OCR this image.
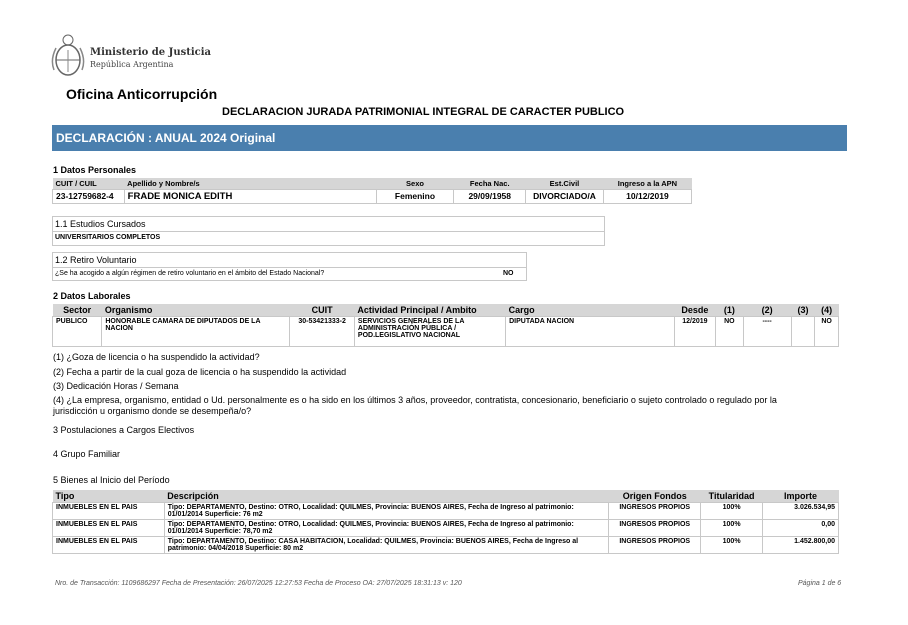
Ministerio de Justicia
República Argentina
Oficina Anticorrupción
DECLARACION JURADA PATRIMONIAL INTEGRAL DE CARACTER PUBLICO
DECLARACIÓN : ANUAL 2024 Original
1 Datos Personales
CUIT / CUIL	Apellido y Nombre/s	Sexo	Fecha Nac.	Est.Civil	Ingreso a la APN
23-12759682-4	FRADE MONICA EDITH	Femenino	29/09/1958	DIVORCIADO/A	10/12/2019
1.1 Estudios Cursados
UNIVERSITARIOS COMPLETOS
1.2 Retiro Voluntario
¿Se ha acogido a algún régimen de retiro voluntario en el ámbito del Estado Nacional?	NO
2 Datos Laborales
Sector	Organismo	CUIT	Actividad Principal / Ambito	Cargo	Desde	(1)	(2)	(3)	(4)
PUBLICO	HONORABLE CAMARA DE DIPUTADOS DE LA NACION	30-53421333-2	SERVICIOS GENERALES DE LA ADMINISTRACIÓN PÚBLICA / POD.LEGISLATIVO NACIONAL	DIPUTADA NACION	12/2019	NO	----		NO
(1) ¿Goza de licencia o ha suspendido la actividad?
(2) Fecha a partir de la cual goza de licencia o ha suspendido la actividad
(3) Dedicación Horas / Semana
(4) ¿La empresa, organismo, entidad o Ud. personalmente es o ha sido en los últimos 3 años, proveedor, contratista, concesionario, beneficiario o sujeto controlado o regulado por la jurisdicción u organismo donde se desempeña/o?
3 Postulaciones a Cargos Electivos
4 Grupo Familiar
5 Bienes al Inicio del Período
Tipo	Descripción	Origen Fondos	Titularidad	Importe
INMUEBLES EN EL PAIS	Tipo: DEPARTAMENTO, Destino: OTRO, Localidad: QUILMES, Provincia: BUENOS AIRES, Fecha de Ingreso al patrimonio: 01/01/2014 Superficie: 76 m2	INGRESOS PROPIOS	100%	3.026.534,95
INMUEBLES EN EL PAIS	Tipo: DEPARTAMENTO, Destino: OTRO, Localidad: QUILMES, Provincia: BUENOS AIRES, Fecha de Ingreso al patrimonio: 01/01/2014 Superficie: 78,70 m2	INGRESOS PROPIOS	100%	0,00
INMUEBLES EN EL PAIS	Tipo: DEPARTAMENTO, Destino: CASA HABITACION, Localidad: QUILMES, Provincia: BUENOS AIRES, Fecha de Ingreso al patrimonio: 04/04/2018 Superficie: 80 m2	INGRESOS PROPIOS	100%	1.452.800,00
Nro. de Transacción: 1109686297 Fecha de Presentación: 26/07/2025 12:27:53 Fecha de Proceso OA: 27/07/2025 18:31:13 v: 120	Página 1 de 6
